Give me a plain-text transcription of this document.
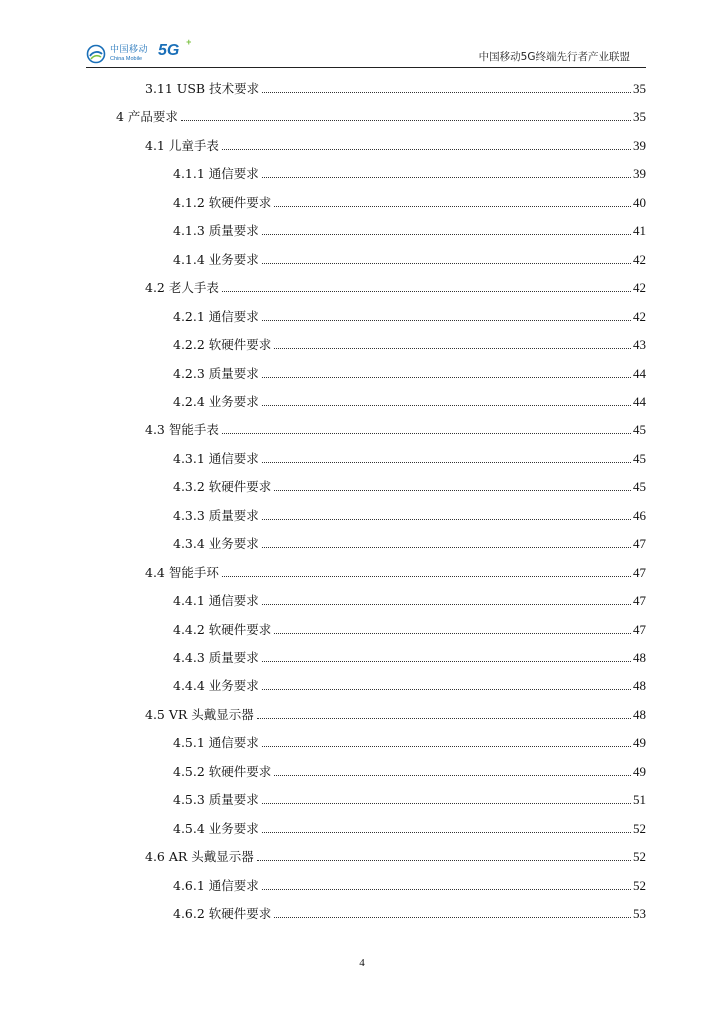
中国移动
China Mobile 5G +
中国移动5G终端先行者产业联盟
3.11 USB 技术要求	35
4 产品要求	35
4.1 儿童手表	39
4.1.1 通信要求	39
4.1.2 软硬件要求	40
4.1.3 质量要求	41
4.1.4 业务要求	42
4.2 老人手表	42
4.2.1 通信要求	42
4.2.2 软硬件要求	43
4.2.3 质量要求	44
4.2.4 业务要求	44
4.3 智能手表	45
4.3.1 通信要求	45
4.3.2 软硬件要求	45
4.3.3 质量要求	46
4.3.4 业务要求	47
4.4 智能手环	47
4.4.1 通信要求	47
4.4.2 软硬件要求	47
4.4.3 质量要求	48
4.4.4 业务要求	48
4.5 VR 头戴显示器	48
4.5.1 通信要求	49
4.5.2 软硬件要求	49
4.5.3 质量要求	51
4.5.4 业务要求	52
4.6 AR 头戴显示器	52
4.6.1 通信要求	52
4.6.2 软硬件要求	53
4
